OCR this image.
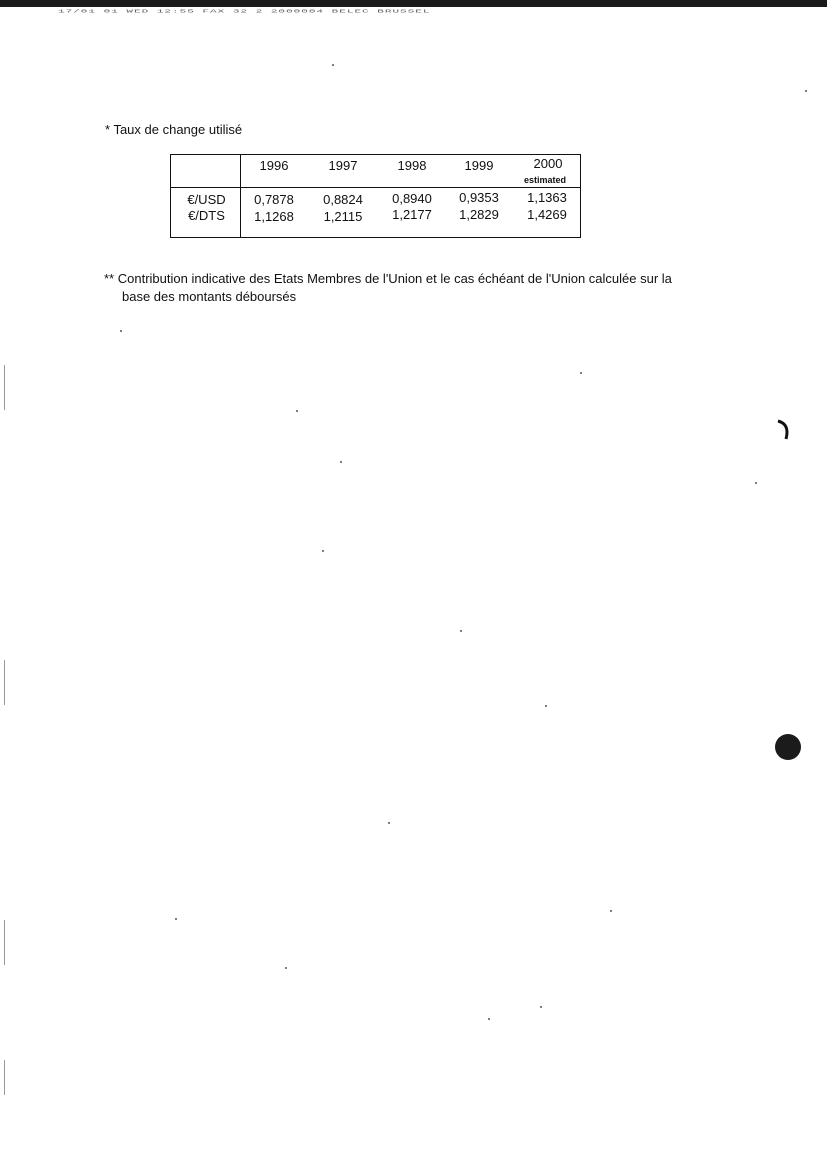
17/01 01 WED 12:55 FAX 32 2 2000004 BELEC BRUSSEL
* Taux de change utilisé
1996	1997	1998	1999	2000
estimated
€/USD	0,7878	0,8824	0,8940	0,9353	1,1363
€/DTS	1,1268	1,2115	1,2177	1,2829	1,4269
** Contribution indicative des Etats Membres de l'Union et le cas échéant de l'Union calculée sur la
base des montants déboursés
